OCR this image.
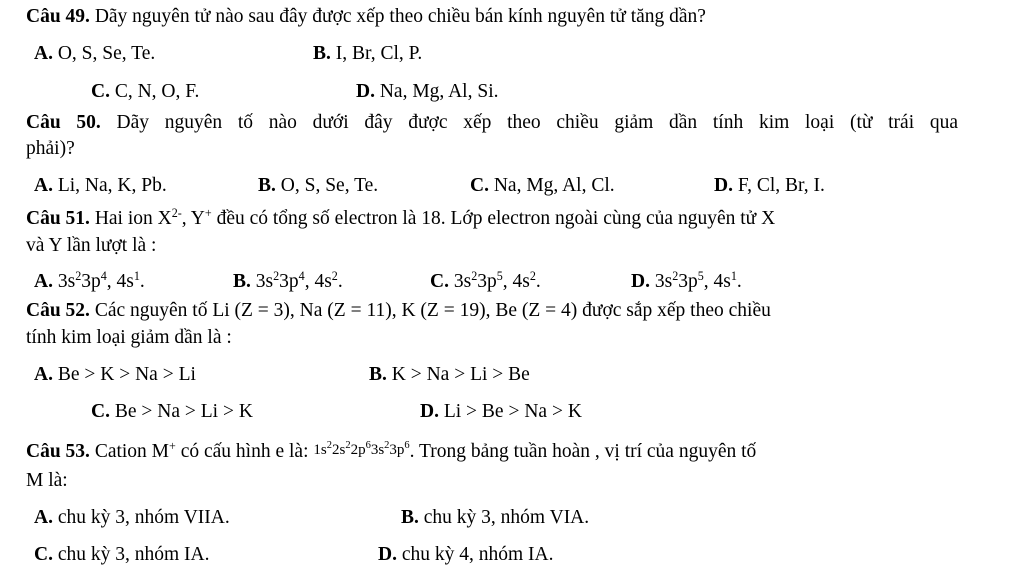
Câu 49. Dãy nguyên tử nào sau đây được xếp theo chiều bán kính nguyên tử tăng dần?
A. O, S, Se, Te.	B. I, Br, Cl, P.
C. C, N, O, F.	D. Na, Mg, Al, Si.
Câu 50. Dãy nguyên tố nào dưới đây được xếp theo chiều giảm dần tính kim loại (từ trái qua
phải)?
A. Li, Na, K, Pb.	B. O, S, Se, Te.	C. Na, Mg, Al, Cl.	D. F, Cl, Br, I.
Câu 51. Hai ion $X^{2-}$, Y+ đều có tổng số electron là 18. Lớp electron ngoài cùng của nguyên tử X
và Y lần lượt là :
A. $3s^23p^4$, $4s^1$.	B. $3s^23p^4$, $4s^2$.	C. $3s^23p^5$, $4s^2$.	D. $3s^23p^5$, $4s^1$.
Câu 52. Các nguyên tố Li (Z = 3), Na (Z = 11), K (Z = 19), Be (Z = 4) được sắp xếp theo chiều
tính kim loại giảm dần là :
A. Be > K > Na > Li	B. K > Na > Li > Be
C. Be > Na > Li > K	D. Li > Be > Na > K
Câu 53. Cation M+ có cấu hình e là: $1s^22s^22p^63s^23p^6$. Trong bảng tuần hoàn , vị trí của nguyên tố
M là:
A. chu kỳ 3, nhóm VIIA.	B. chu kỳ 3, nhóm VIA.
C. chu kỳ 3, nhóm IA.	D. chu kỳ 4, nhóm IA.
